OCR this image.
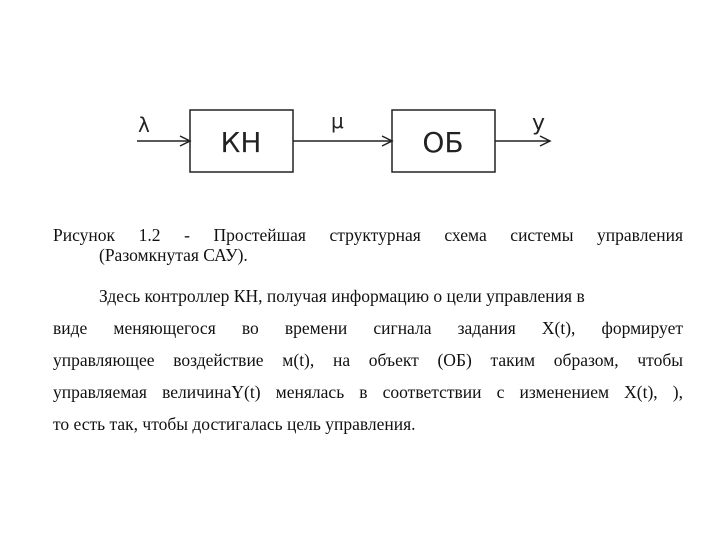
λ
КН
μ
ОБ
y
Рисунок 1.2 - Простейшая структурная схема системы управления
(Разомкнутая САУ).
Здесь контроллер КН, получая информацию о цели управления в
виде меняющегося во времени сигнала задания X(t), формирует
управляющее воздействие м(t), на объект (ОБ) таким образом, чтобы
управляемая величинаY(t) менялась в соответствии с изменением X(t), ),
то есть так, чтобы достигалась цель управления.
